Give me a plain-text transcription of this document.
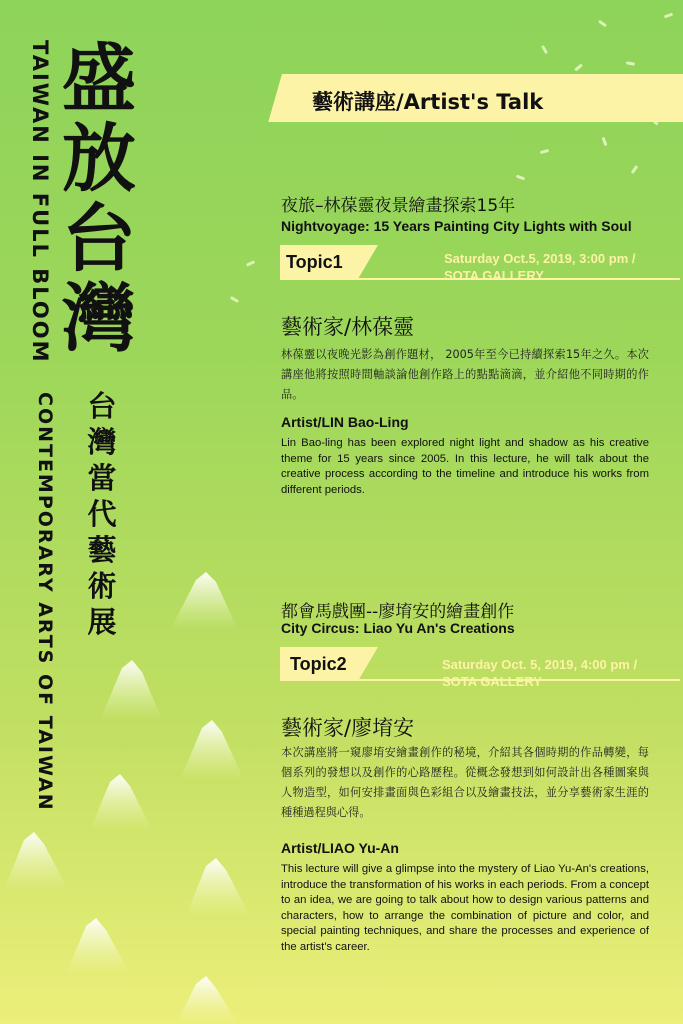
TAIWAN IN FULL BLOOM 盛
放
台
灣
CONTEMPORARY ARTS OF TAIWAN 台
灣
當
代
藝
術
展
藝術講座/Artist's Talk
夜旅–林葆靈夜景繪畫探索15年
Nightvoyage: 15 Years Painting City Lights with Soul
Topic1	Saturday Oct.5, 2019, 3:00 pm /
SOTA GALLERY
藝術家/林葆靈
林葆靈以夜晚光影為創作題材， 2005年至今已持續探索15年之久。本次講座他將按照時間軸談論他創作路上的點點滴滴，並介紹他不同時期的作品。
Artist/LIN Bao-Ling
Lin Bao-ling has been explored night light and shadow as his creative theme for 15 years since 2005. In this lecture, he will talk about the creative process according to the timeline and introduce his works from different periods.
都會馬戲團--廖堉安的繪畫創作
City Circus: Liao Yu An's Creations
Topic2	Saturday Oct. 5, 2019, 4:00 pm /
SOTA GALLERY
藝術家/廖堉安
本次講座將一窺廖堉安繪畫創作的秘境，介紹其各個時期的作品轉變，每個系列的發想以及創作的心路歷程。從概念發想到如何設計出各種圖案與人物造型，如何安排畫面與色彩組合以及繪畫技法，並分享藝術家生涯的種種過程與心得。
Artist/LIAO Yu-An
This lecture will give a glimpse into the mystery of Liao Yu-An's creations, introduce the transformation of his works in each periods. From a concept to an idea, we are going to talk about how to design various patterns and characters, how to arrange the combination of picture and color, and special painting techniques, and share the processes and experience of the artist's career.
